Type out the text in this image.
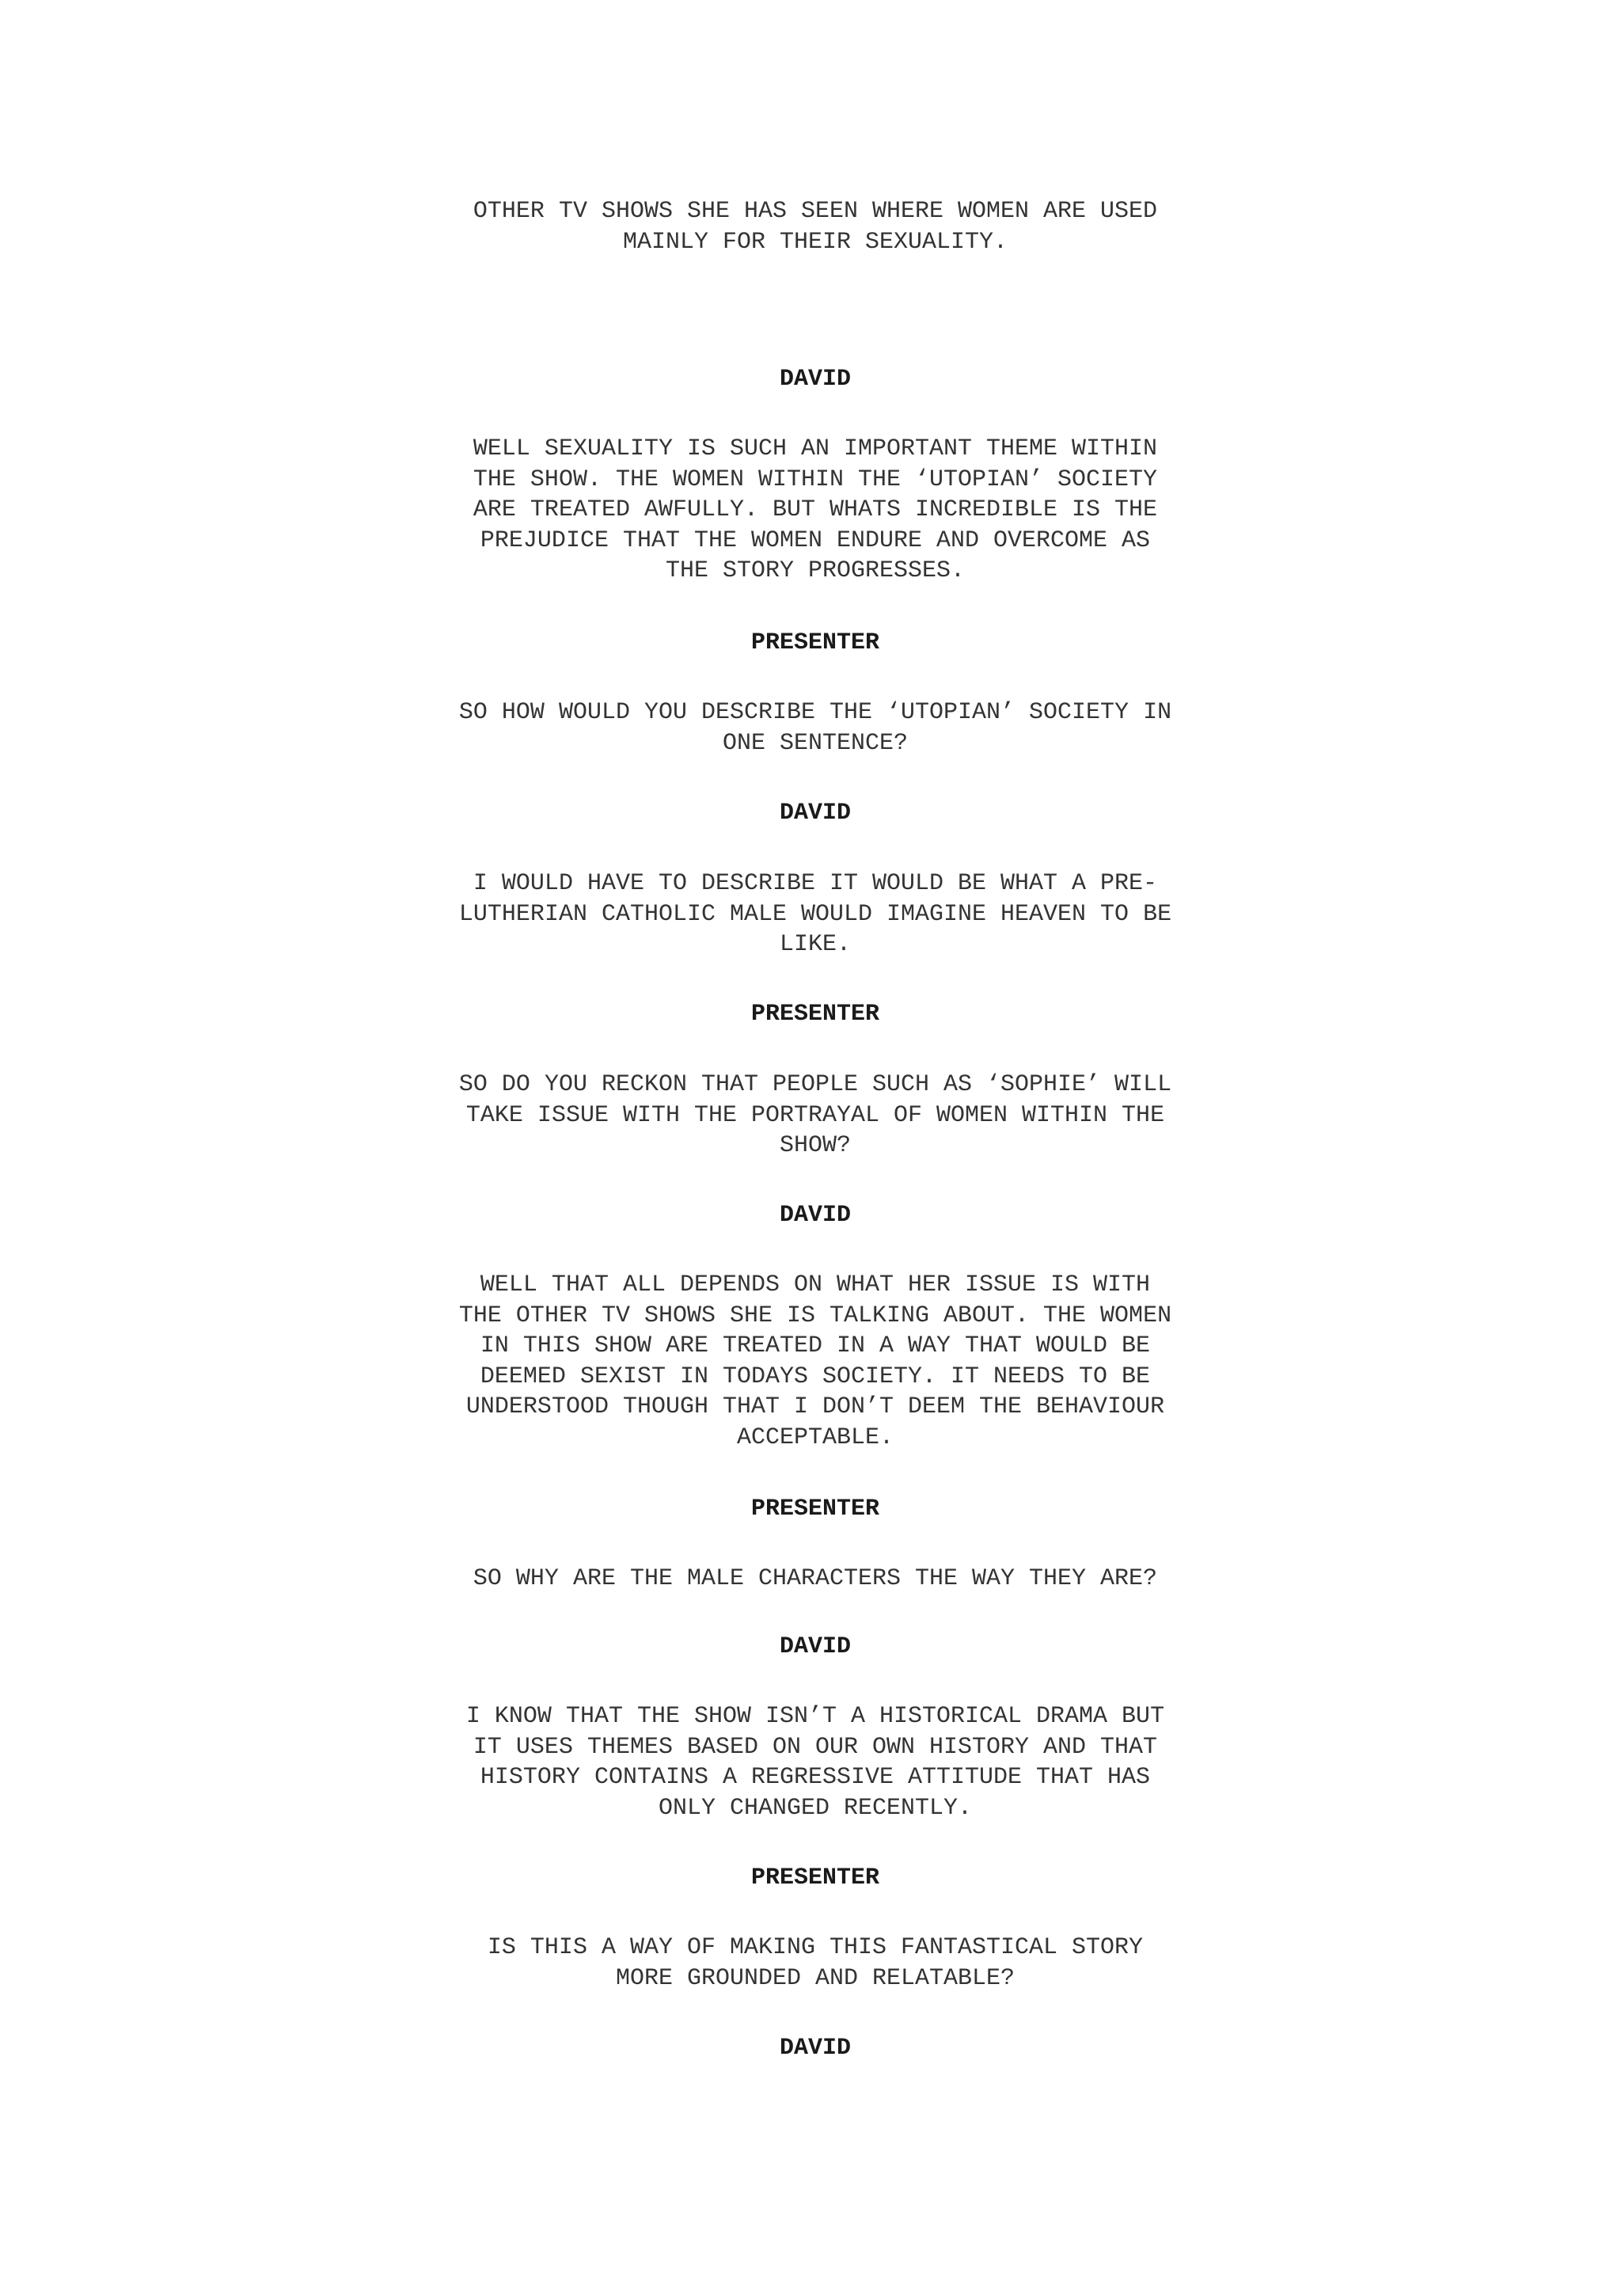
OTHER TV SHOWS SHE HAS SEEN WHERE WOMEN ARE USED
MAINLY FOR THEIR SEXUALITY.
DAVID
WELL SEXUALITY IS SUCH AN IMPORTANT THEME WITHIN
THE SHOW. THE WOMEN WITHIN THE ‘UTOPIAN’ SOCIETY
ARE TREATED AWFULLY. BUT WHATS INCREDIBLE IS THE
PREJUDICE THAT THE WOMEN ENDURE AND OVERCOME AS
THE STORY PROGRESSES.
PRESENTER
SO HOW WOULD YOU DESCRIBE THE ‘UTOPIAN’ SOCIETY IN
ONE SENTENCE?
DAVID
I WOULD HAVE TO DESCRIBE IT WOULD BE WHAT A PRE-
LUTHERIAN CATHOLIC MALE WOULD IMAGINE HEAVEN TO BE
LIKE.
PRESENTER
SO DO YOU RECKON THAT PEOPLE SUCH AS ‘SOPHIE’ WILL
TAKE ISSUE WITH THE PORTRAYAL OF WOMEN WITHIN THE
SHOW?
DAVID
WELL THAT ALL DEPENDS ON WHAT HER ISSUE IS WITH
THE OTHER TV SHOWS SHE IS TALKING ABOUT. THE WOMEN
IN THIS SHOW ARE TREATED IN A WAY THAT WOULD BE
DEEMED SEXIST IN TODAYS SOCIETY. IT NEEDS TO BE
UNDERSTOOD THOUGH THAT I DON’T DEEM THE BEHAVIOUR
ACCEPTABLE.
PRESENTER
SO WHY ARE THE MALE CHARACTERS THE WAY THEY ARE?
DAVID
I KNOW THAT THE SHOW ISN’T A HISTORICAL DRAMA BUT
IT USES THEMES BASED ON OUR OWN HISTORY AND THAT
HISTORY CONTAINS A REGRESSIVE ATTITUDE THAT HAS
ONLY CHANGED RECENTLY.
PRESENTER
IS THIS A WAY OF MAKING THIS FANTASTICAL STORY
MORE GROUNDED AND RELATABLE?
DAVID
